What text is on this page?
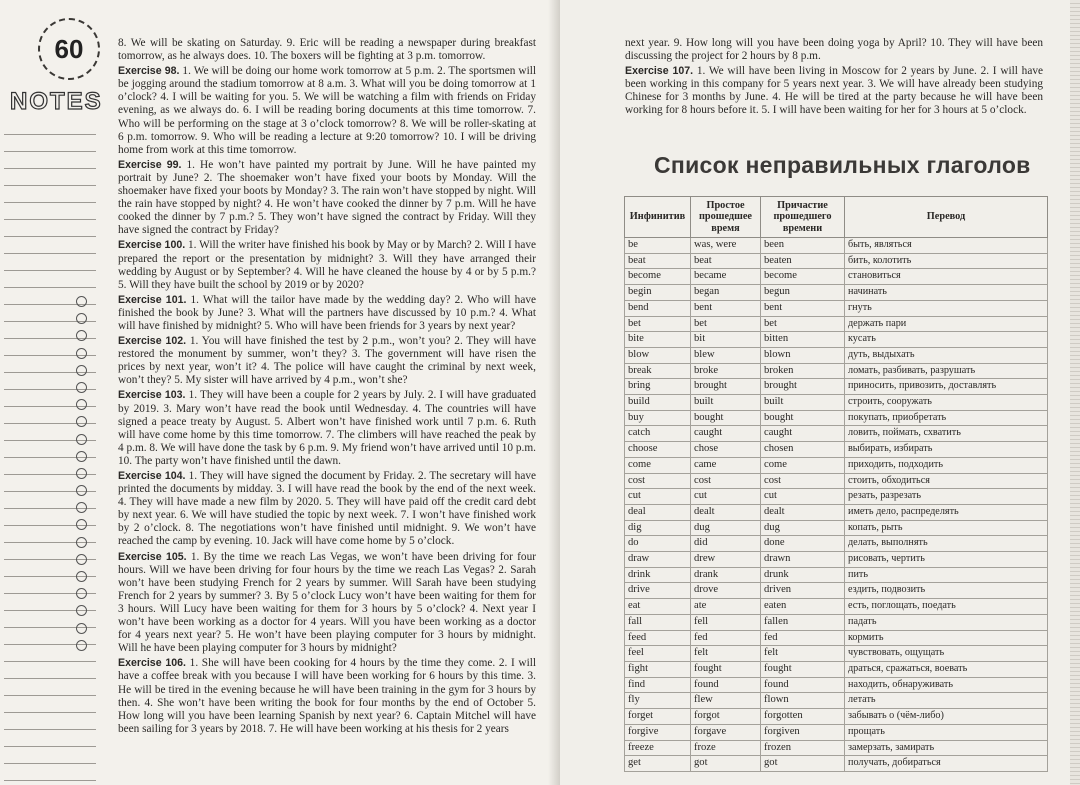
60
NOTES

8. We will be skating on Saturday. 9. Eric will be reading a newspaper during breakfast tomorrow, as he always does. 10. The boxers will be fighting at 3 p.m. tomorrow.

Exercise 98. 1. We will be doing our home work tomorrow at 5 p.m. 2. The sportsmen will be jogging around the stadium tomorrow at 8 a.m. 3. What will you be doing tomorrow at 1 o’clock? 4. I will be waiting for you. 5. We will be watching a film with friends on Friday evening, as we always do. 6. I will be reading boring documents at this time tomorrow. 7. Who will be performing on the stage at 3 o’clock tomorrow? 8. We will be roller-skating at 6 p.m. tomorrow. 9. Who will be reading a lecture at 9:20 tomorrow? 10. I will be driving home from work at this time tomorrow.

Exercise 99. 1. He won’t have painted my portrait by June. Will he have painted my portrait by June? 2. The shoemaker won’t have fixed your boots by Monday. Will the shoemaker have fixed your boots by Monday? 3. The rain won’t have stopped by night. Will the rain have stopped by night? 4. He won’t have cooked the dinner by 7 p.m. Will he have cooked the dinner by 7 p.m.? 5. They won’t have signed the contract by Friday. Will they have signed the contract by Friday?

Exercise 100. 1. Will the writer have finished his book by May or by March? 2. Will I have prepared the report or the presentation by midnight? 3. Will they have arranged their wedding by August or by September? 4. Will he have cleaned the house by 4 or by 5 p.m.? 5. Will they have built the school by 2019 or by 2020?

Exercise 101. 1. What will the tailor have made by the wedding day? 2. Who will have finished the book by June? 3. What will the partners have discussed by 10 p.m.? 4. What will have finished by midnight? 5. Who will have been friends for 3 years by next year?

Exercise 102. 1. You will have finished the test by 2 p.m., won’t you? 2. They will have restored the monument by summer, won’t they? 3. The government will have risen the prices by next year, won’t it? 4. The police will have caught the criminal by next week, won’t they? 5. My sister will have arrived by 4 p.m., won’t she?

Exercise 103. 1. They will have been a couple for 2 years by July. 2. I will have graduated by 2019. 3. Mary won’t have read the book until Wednesday. 4. The countries will have signed a peace treaty by August. 5. Albert won’t have finished work until 7 p.m. 6. Ruth will have come home by this time tomorrow. 7. The climbers will have reached the peak by 4 p.m. 8. We will have done the task by 6 p.m. 9. My friend won’t have arrived until 10 p.m. 10. The party won’t have finished until the dawn.

Exercise 104. 1. They will have signed the document by Friday. 2. The secretary will have printed the documents by midday. 3. I will have read the book by the end of the next week. 4. They will have made a new film by 2020. 5. They will have paid off the credit card debt by next year. 6. We will have studied the topic by next week. 7. I won’t have finished work by 2 o’clock. 8. The negotiations won’t have finished until midnight. 9. We won’t have reached the camp by evening. 10. Jack will have come home by 5 o’clock.

Exercise 105. 1. By the time we reach Las Vegas, we won’t have been driving for four hours. Will we have been driving for four hours by the time we reach Las Vegas? 2. Sarah won’t have been studying French for 2 years by summer. Will Sarah have been studying French for 2 years by summer? 3. By 5 o’clock Lucy won’t have been waiting for them for 3 hours. Will Lucy have been waiting for them for 3 hours by 5 o’clock? 4. Next year I won’t have been working as a doctor for 4 years. Will you have been working as a doctor for 4 years next year? 5. He won’t have been playing computer for 3 hours by midnight. Will he have been playing computer for 3 hours by midnight?

Exercise 106. 1. She will have been cooking for 4 hours by the time they come. 2. I will have a coffee break with you because I will have been working for 6 hours by this time. 3. He will be tired in the evening because he will have been training in the gym for 3 hours by then. 4. She won’t have been writing the book for four months by the end of October 5. How long will you have been learning Spanish by next year? 6. Captain Mitchel will have been sailing for 3 years by 2018. 7. He will have been working at his thesis for 2 years

next year. 9. How long will you have been doing yoga by April? 10. They will have been discussing the project for 2 hours by 8 p.m.

Exercise 107. 1. We will have been living in Moscow for 2 years by June. 2. I will have been working in this company for 5 years next year. 3. We will have already been studying Chinese for 3 months by June. 4. He will be tired at the party because he will have been working for 8 hours before it. 5. I will have been waiting for her for 3 hours at 5 o’clock.

Список неправильных глаголов
Инфинитив	Простое прошедшее время	Причастие прошедшего времени	Перевод
be	was, were	been	быть, являться
beat	beat	beaten	бить, колотить
become	became	become	становиться
begin	began	begun	начинать
bend	bent	bent	гнуть
bet	bet	bet	держать пари
bite	bit	bitten	кусать
blow	blew	blown	дуть, выдыхать
break	broke	broken	ломать, разбивать, разрушать
bring	brought	brought	приносить, привозить, доставлять
build	built	built	строить, сооружать
buy	bought	bought	покупать, приобретать
catch	caught	caught	ловить, поймать, схватить
choose	chose	chosen	выбирать, избирать
come	came	come	приходить, подходить
cost	cost	cost	стоить, обходиться
cut	cut	cut	резать, разрезать
deal	dealt	dealt	иметь дело, распределять
dig	dug	dug	копать, рыть
do	did	done	делать, выполнять
draw	drew	drawn	рисовать, чертить
drink	drank	drunk	пить
drive	drove	driven	ездить, подвозить
eat	ate	eaten	есть, поглощать, поедать
fall	fell	fallen	падать
feed	fed	fed	кормить
feel	felt	felt	чувствовать, ощущать
fight	fought	fought	драться, сражаться, воевать
find	found	found	находить, обнаруживать
fly	flew	flown	летать
forget	forgot	forgotten	забывать о (чём-либо)
forgive	forgave	forgiven	прощать
freeze	froze	frozen	замерзать, замирать
get	got	got	получать, добираться
